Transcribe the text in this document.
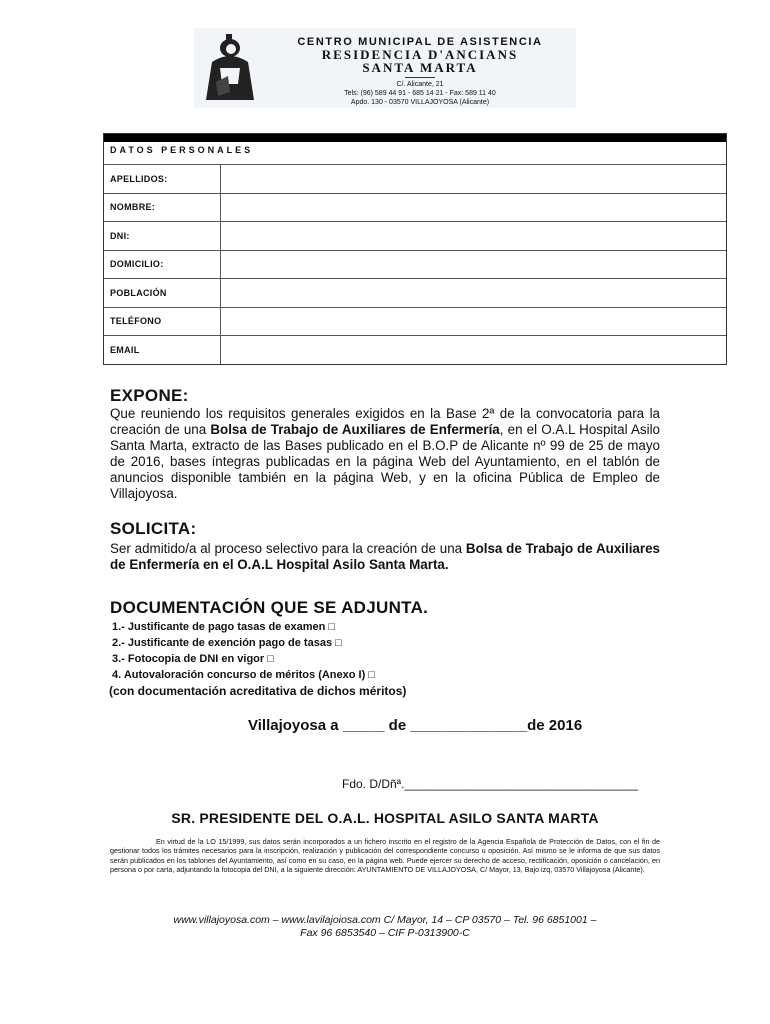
CENTRO MUNICIPAL DE ASISTENCIA
RESIDENCIA D'ANCIANS
SANTA MARTA
C/. Alicante, 21
Tels: (96) 589 44 91 - 685 14 21 - Fax: 589 11 40
Apdo. 130 - 03570 VILLAJOYOSA (Alicante)
DATOS PERSONALES
APELLIDOS:
NOMBRE:
DNI:
DOMICILIO:
POBLACIÓN
TELÉFONO
EMAIL
EXPONE:
Que reuniendo los requisitos generales exigidos en la Base 2ª de la convocatoria para la creación de una Bolsa de Trabajo de Auxiliares de Enfermería, en el O.A.L Hospital Asilo Santa Marta, extracto de las Bases publicado en el B.O.P de Alicante nº 99 de 25 de mayo de 2016, bases íntegras publicadas en la página Web del Ayuntamiento, en el tablón de anuncios disponible también en la página Web, y en la oficina Pública de Empleo de Villajoyosa.
SOLICITA:
Ser admitido/a al proceso selectivo para la creación de una Bolsa de Trabajo de Auxiliares de Enfermería en el O.A.L Hospital Asilo Santa Marta.
DOCUMENTACIÓN QUE SE ADJUNTA.
1.- Justificante de pago tasas de examen □
2.- Justificante de exención pago de tasas □
3.- Fotocopia de DNI en vigor □
4. Autovaloración concurso de méritos (Anexo I) □
(con documentación acreditativa de dichos méritos)
Villajoyosa a _____ de ______________de 2016
Fdo. D/Dñª.___________________________________
SR. PRESIDENTE DEL O.A.L. HOSPITAL ASILO SANTA MARTA
En virtud de la LO 15/1999, sus datos serán incorporados a un fichero inscrito en el registro de la Agencia Española de Protección de Datos, con el fin de gestionar todos los trámites necesarios para la inscripción, realización y publicación del correspondiente concurso u oposición. Así mismo se le informa de que sus datos serán publicados en los tablones del Ayuntamiento, así como en su caso, en la página web. Puede ejercer su derecho de acceso, rectificación, oposición o cancelación, en persona o por carta, adjuntando la fotocopia del DNI, a la siguiente dirección: AYUNTAMIENTO DE VILLAJOYOSA, C/ Mayor, 13, Bajo izq, 03570 Villajoyosa (Alicante).
www.villajoyosa.com – www.lavilajoiosa.com C/ Mayor, 14 – CP 03570 – Tel. 96 6851001 –
Fax 96 6853540 – CIF P-0313900-C
